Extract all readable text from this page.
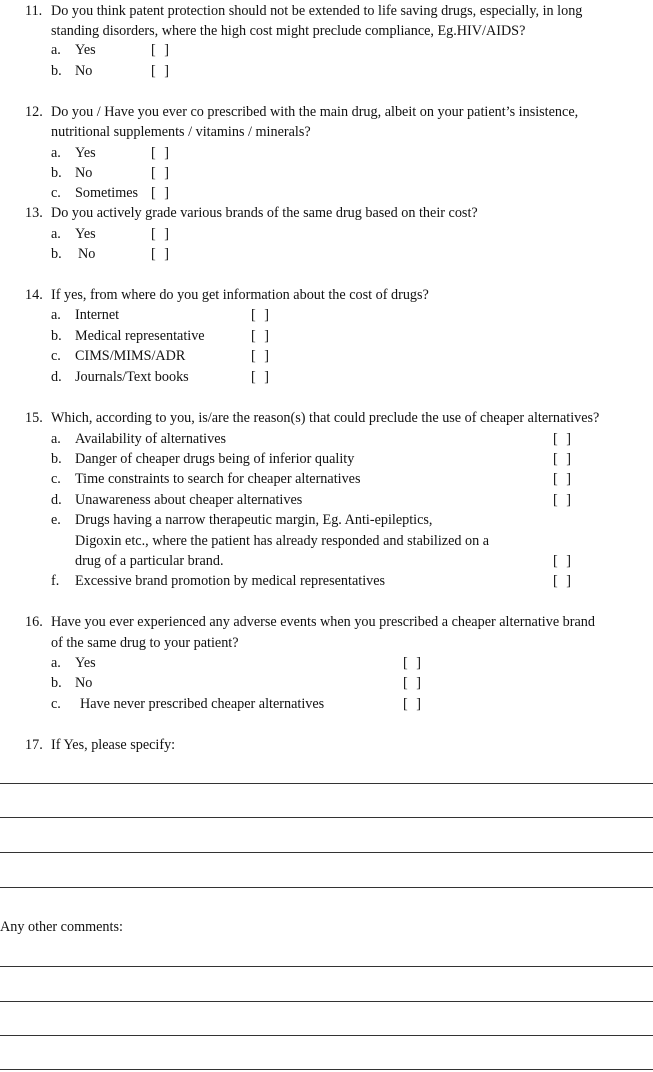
11. Do you think patent protection should not be extended to life saving drugs, especially, in long
standing disorders, where the high cost might preclude compliance, Eg.HIV/AIDS?
a. Yes	[ ]
b. No	[ ]
12. Do you / Have you ever co prescribed with the main drug, albeit on your patient’s insistence,
nutritional supplements / vitamins / minerals?
a. Yes	[ ]
b. No	[ ]
c. Sometimes [ ]
13. Do you actively grade various brands of the same drug based on their cost?
a. Yes	[ ]
b. No	[ ]
14. If yes, from where do you get information about the cost of drugs?
a. Internet	[ ]
b. Medical representative	[ ]
c. CIMS/MIMS/ADR	[ ]
d. Journals/Text books	[ ]
15. Which, according to you, is/are the reason(s) that could preclude the use of cheaper alternatives?
a. Availability of alternatives	[ ]
b. Danger of cheaper drugs being of inferior quality	[ ]
c. Time constraints to search for cheaper alternatives	[ ]
d. Unawareness about cheaper alternatives	[ ]
e. Drugs having a narrow therapeutic margin, Eg. Anti-epileptics,
Digoxin etc., where the patient has already responded and stabilized on a
drug of a particular brand.	[ ]
f. Excessive brand promotion by medical representatives	[ ]
16. Have you ever experienced any adverse events when you prescribed a cheaper alternative brand
of the same drug to your patient?
a. Yes	[ ]
b. No	[ ]
c. Have never prescribed cheaper alternatives	[ ]
17. If Yes, please specify:
Any other comments:
